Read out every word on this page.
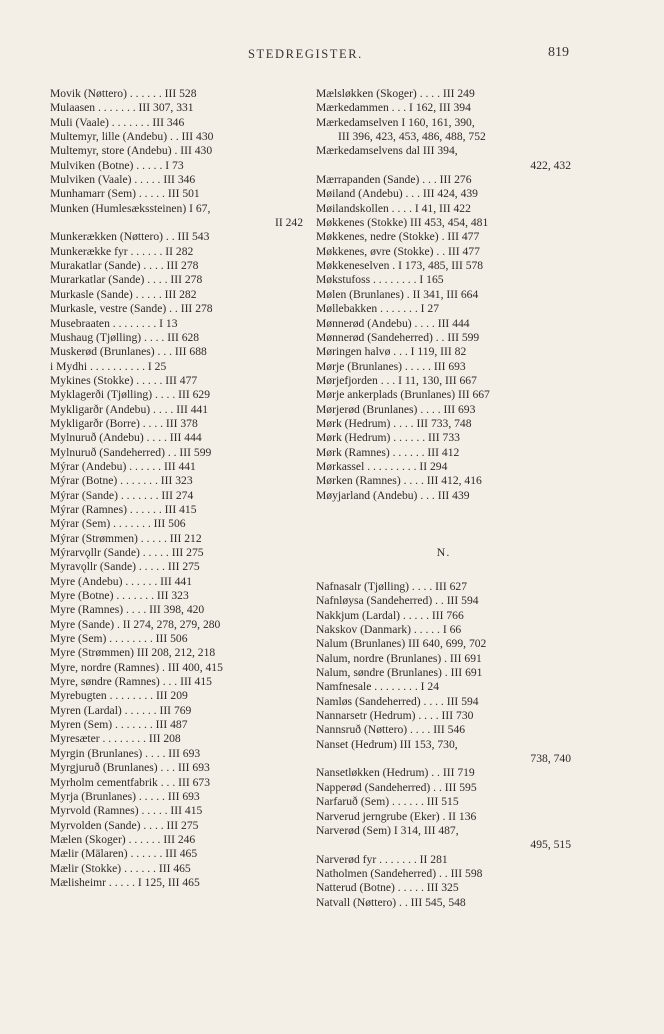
STEDREGISTER.	819
Movik (Nøttero) . . . . . . III 528
Mulaasen . . . . . . . III 307, 331
Muli (Vaale) . . . . . . . III 346
Multemyr, lille (Andebu) . . III 430
Multemyr, store (Andebu) . III 430
Mulviken (Botne) . . . . . I 73
Mulviken (Vaale) . . . . . III 346
Munhamarr (Sem) . . . . . III 501
Munken (Humlesækssteinen) I 67,
II 242
Munkerækken (Nøttero) . . III 543
Munkerække fyr . . . . . . II 282
Murakatlar (Sande) . . . . III 278
Murarkatlar (Sande) . . . . III 278
Murkasle (Sande) . . . . . III 282
Murkasle, vestre (Sande) . . III 278
Musebraaten . . . . . . . . I 13
Mushaug (Tjølling) . . . . III 628
Muskerød (Brunlanes) . . . III 688
i Mydhi . . . . . . . . . . I 25
Mykines (Stokke) . . . . . III 477
Myklagerði (Tjølling) . . . . III 629
Mykligarðr (Andebu) . . . . III 441
Mykligarðr (Borre) . . . . III 378
Mylnuruð (Andebu) . . . . III 444
Mylnuruð (Sandeherred) . . III 599
Mýrar (Andebu) . . . . . . III 441
Mýrar (Botne) . . . . . . . III 323
Mýrar (Sande) . . . . . . . III 274
Mýrar (Ramnes) . . . . . . III 415
Mýrar (Sem) . . . . . . . III 506
Mýrar (Strømmen) . . . . . III 212
Mýrarvǫllr (Sande) . . . . . III 275
Myravǫllr (Sande) . . . . . III 275
Myre (Andebu) . . . . . . III 441
Myre (Botne) . . . . . . . III 323
Myre (Ramnes) . . . . III 398, 420
Myre (Sande) . II 274, 278, 279, 280
Myre (Sem) . . . . . . . . III 506
Myre (Strømmen) III 208, 212, 218
Myre, nordre (Ramnes) . III 400, 415
Myre, søndre (Ramnes) . . . III 415
Myrebugten . . . . . . . . III 209
Myren (Lardal) . . . . . . III 769
Myren (Sem) . . . . . . . III 487
Myresæter . . . . . . . . III 208
Myrgin (Brunlanes) . . . . III 693
Myrgjuruð (Brunlanes) . . . III 693
Myrholm cementfabrik . . . III 673
Myrja (Brunlanes) . . . . . III 693
Myrvold (Ramnes) . . . . . III 415
Myrvolden (Sande) . . . . III 275
Mælen (Skoger) . . . . . . III 246
Mælir (Mälaren) . . . . . . III 465
Mælir (Stokke) . . . . . . III 465
Mælisheimr . . . . . I 125, III 465
Mælsløkken (Skoger) . . . . III 249
Mærkedammen . . . I 162, III 394
Mærkedamselven I 160, 161, 390,
III 396, 423, 453, 486, 488, 752
Mærkedamselvens dal III 394,
422, 432
Mærrapanden (Sande) . . . III 276
Møiland (Andebu) . . . III 424, 439
Møilandskollen . . . . I 41, III 422
Møkkenes (Stokke) III 453, 454, 481
Møkkenes, nedre (Stokke) . III 477
Møkkenes, øvre (Stokke) . . III 477
Møkkeneselven . I 173, 485, III 578
Møkstufoss . . . . . . . . I 165
Mølen (Brunlanes) . II 341, III 664
Møllebakken . . . . . . . I 27
Mønnerød (Andebu) . . . . III 444
Mønnerød (Sandeherred) . . III 599
Møringen halvø . . . I 119, III 82
Mørje (Brunlanes) . . . . . III 693
Mørjefjorden . . . I 11, 130, III 667
Mørje ankerplads (Brunlanes) III 667
Mørjerød (Brunlanes) . . . . III 693
Mørk (Hedrum) . . . . III 733, 748
Mørk (Hedrum) . . . . . . III 733
Mørk (Ramnes) . . . . . . III 412
Mørkassel . . . . . . . . . II 294
Mørken (Ramnes) . . . . III 412, 416
Møyjarland (Andebu) . . . III 439
N.
Nafnasalr (Tjølling) . . . . III 627
Nafnløysa (Sandeherred) . . III 594
Nakkjum (Lardal) . . . . . III 766
Nakskov (Danmark) . . . . . I 66
Nalum (Brunlanes) III 640, 699, 702
Nalum, nordre (Brunlanes) . III 691
Nalum, søndre (Brunlanes) . III 691
Namfnesale . . . . . . . . I 24
Namløs (Sandeherred) . . . . III 594
Nannarsetr (Hedrum) . . . . III 730
Nannsruð (Nøttero) . . . . III 546
Nanset (Hedrum) III 153, 730,
738, 740
Nansetløkken (Hedrum) . . III 719
Napperød (Sandeherred) . . III 595
Narfaruð (Sem) . . . . . . III 515
Narverud jerngrube (Eker) . II 136
Narverød (Sem) I 314, III 487,
495, 515
Narverød fyr . . . . . . . II 281
Natholmen (Sandeherred) . . III 598
Natterud (Botne) . . . . . III 325
Natvall (Nøttero) . . III 545, 548
